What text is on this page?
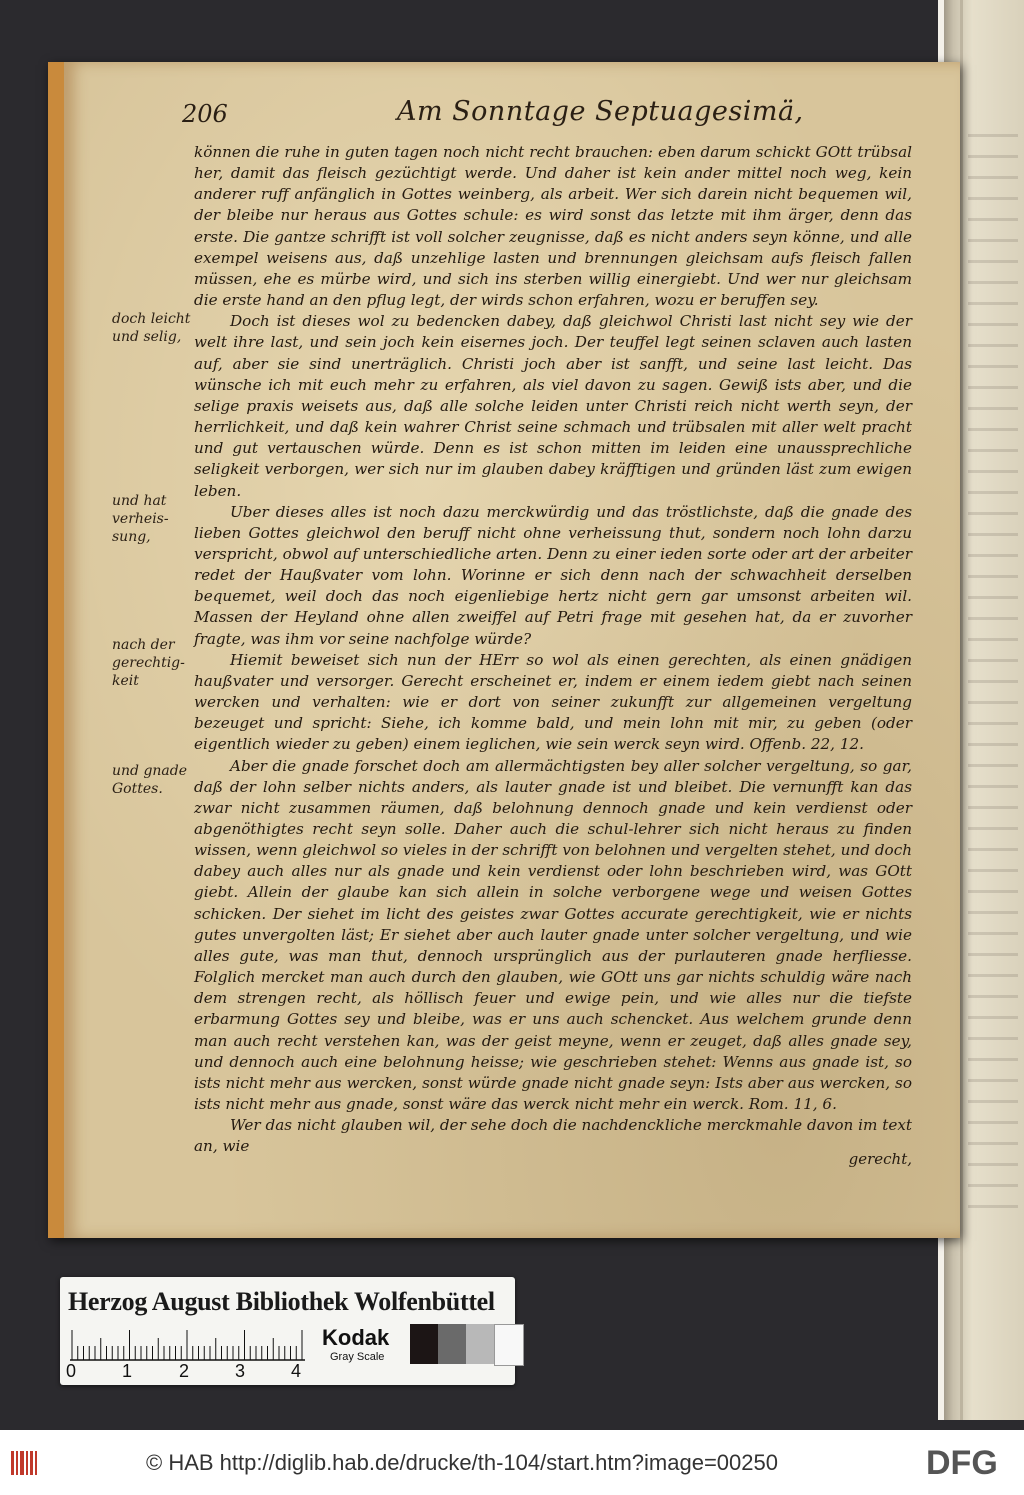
206	Am Sonntage Septuagesimä,
doch leicht und selig,
und hat verheis-sung,
nach der gerechtig-keit
und gnade Gottes.

können die ruhe in guten tagen noch nicht recht brauchen: eben darum schickt GOtt trübsal her, damit das fleisch gezüchtigt werde. Und daher ist kein ander mittel noch weg, kein anderer ruff anfänglich in Gottes weinberg, als arbeit. Wer sich darein nicht bequemen wil, der bleibe nur heraus aus Gottes schule: es wird sonst das letzte mit ihm ärger, denn das erste. Die gantze schrifft ist voll solcher zeugnisse, daß es nicht anders seyn könne, und alle exempel weisens aus, daß unzehlige lasten und brennungen gleichsam aufs fleisch fallen müssen, ehe es mürbe wird, und sich ins sterben willig einergiebt. Und wer nur gleichsam die erste hand an den pflug legt, der wirds schon erfahren, wozu er beruffen sey.

Doch ist dieses wol zu bedencken dabey, daß gleichwol Christi last nicht sey wie der welt ihre last, und sein joch kein eisernes joch. Der teuffel legt seinen sclaven auch lasten auf, aber sie sind unerträglich. Christi joch aber ist sanfft, und seine last leicht. Das wünsche ich mit euch mehr zu erfahren, als viel davon zu sagen. Gewiß ists aber, und die selige praxis weisets aus, daß alle solche leiden unter Christi reich nicht werth seyn, der herrlichkeit, und daß kein wahrer Christ seine schmach und trübsalen mit aller welt pracht und gut vertauschen würde. Denn es ist schon mitten im leiden eine unaussprechliche seligkeit verborgen, wer sich nur im glauben dabey kräfftigen und gründen läst zum ewigen leben.

Uber dieses alles ist noch dazu merckwürdig und das tröstlichste, daß die gnade des lieben Gottes gleichwol den beruff nicht ohne verheissung thut, sondern noch lohn darzu verspricht, obwol auf unterschiedliche arten. Denn zu einer ieden sorte oder art der arbeiter redet der Haußvater vom lohn. Worinne er sich denn nach der schwachheit derselben bequemet, weil doch das noch eigenliebige hertz nicht gern gar umsonst arbeiten wil. Massen der Heyland ohne allen zweiffel auf Petri frage mit gesehen hat, da er zuvorher fragte, was ihm vor seine nachfolge würde?

Hiemit beweiset sich nun der HErr so wol als einen gerechten, als einen gnädigen haußvater und versorger. Gerecht erscheinet er, indem er einem iedem giebt nach seinen wercken und verhalten: wie er dort von seiner zukunfft zur allgemeinen vergeltung bezeuget und spricht: Siehe, ich komme bald, und mein lohn mit mir, zu geben (oder eigentlich wieder zu geben) einem ieglichen, wie sein werck seyn wird. Offenb. 22, 12.

Aber die gnade forschet doch am allermächtigsten bey aller solcher vergeltung, so gar, daß der lohn selber nichts anders, als lauter gnade ist und bleibet. Die vernunfft kan das zwar nicht zusammen räumen, daß belohnung dennoch gnade und kein verdienst oder abgenöthigtes recht seyn solle. Daher auch die schul-lehrer sich nicht heraus zu finden wissen, wenn gleichwol so vieles in der schrifft von belohnen und vergelten stehet, und doch dabey auch alles nur als gnade und kein verdienst oder lohn beschrieben wird, was GOtt giebt. Allein der glaube kan sich allein in solche verborgene wege und weisen Gottes schicken. Der siehet im licht des geistes zwar Gottes accurate gerechtigkeit, wie er nichts gutes unvergolten läst; Er siehet aber auch lauter gnade unter solcher vergeltung, und wie alles gute, was man thut, dennoch ursprünglich aus der purlauteren gnade herfliesse. Folglich mercket man auch durch den glauben, wie GOtt uns gar nichts schuldig wäre nach dem strengen recht, als höllisch feuer und ewige pein, und wie alles nur die tiefste erbarmung Gottes sey und bleibe, was er uns auch schencket. Aus welchem grunde denn man auch recht verstehen kan, was der geist meyne, wenn er zeuget, daß alles gnade sey, und dennoch auch eine belohnung heisse; wie geschrieben stehet: Wenns aus gnade ist, so ists nicht mehr aus wercken, sonst würde gnade nicht gnade seyn: Ists aber aus wercken, so ists nicht mehr aus gnade, sonst wäre das werck nicht mehr ein werck. Rom. 11, 6.

Wer das nicht glauben wil, der sehe doch die nachdenckliche merckmahle davon im text an, wie

gerecht,
Herzog August Bibliothek Wolfenbüttel
0	1	2	3	4
Kodak
Gray Scale
© HAB http://diglib.hab.de/drucke/th-104/start.htm?image=00250	DFG
